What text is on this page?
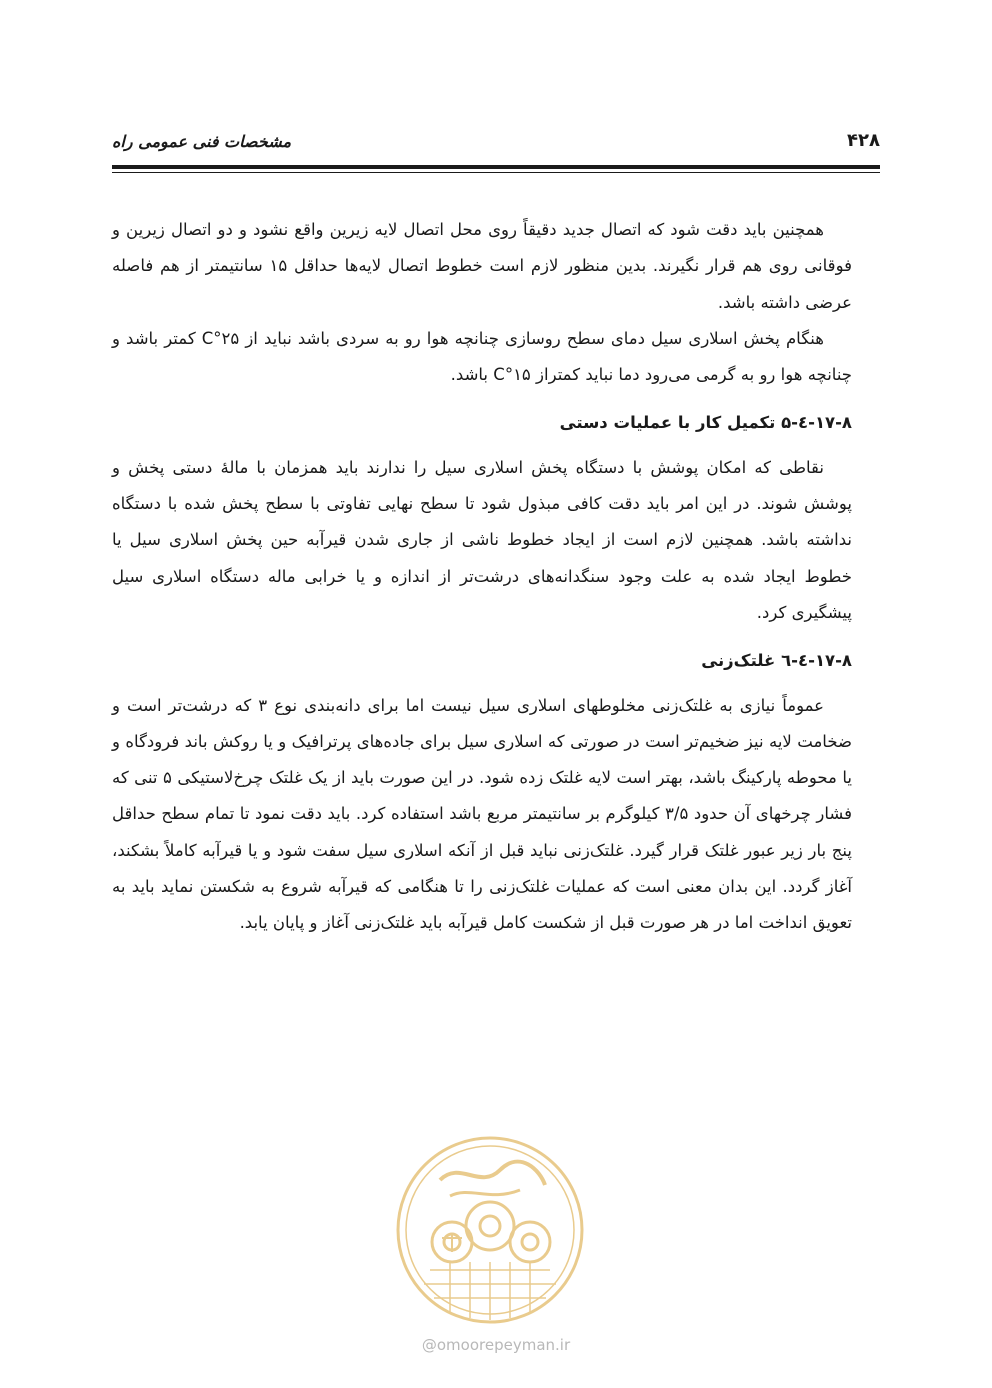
۴۲۸
مشخصات فنی عمومی راه

همچنین باید دقت شود که اتصال جدید دقیقاً روی محل اتصال لایه زیرین واقع نشود و دو اتصال زیرین و فوقانی روی هم قرار نگیرند. بدین منظور لازم است خطوط اتصال لایه‌ها حداقل ۱۵ سانتیمتر از هم فاصله عرضی داشته باشد.

هنگام پخش اسلاری سیل دمای سطح روسازی چنانچه هوا رو به سردی باشد نباید از ۲۵°C کمتر باشد و چنانچه هوا رو به گرمی می‌رود دما نباید کمتراز ۱۵°C باشد.

۱۷-۸-٤-۵ تکمیل کار با عملیات دستی

نقاطی که امکان پوشش با دستگاه پخش اسلاری سیل را ندارند باید همزمان با مالهٔ دستی پخش و پوشش شوند. در این امر باید دقت کافی مبذول شود تا سطح نهایی تفاوتی با سطح پخش شده با دستگاه نداشته باشد. همچنین لازم است از ایجاد خطوط ناشی از جاری شدن قیرآبه حین پخش اسلاری سیل یا خطوط ایجاد شده به علت وجود سنگدانه‌های درشت‌تر از اندازه و یا خرابی ماله دستگاه اسلاری سیل پیشگیری کرد.

۱۷-۸-٤-٦ غلتک‌زنی

عموماً نیازی به غلتک‌زنی مخلوطهای اسلاری سیل نیست اما برای دانه‌بندی نوع ۳ که درشت‌تر است و ضخامت لایه نیز ضخیم‌تر است در صورتی که اسلاری سیل برای جاده‌های پرترافیک و یا روکش باند فرودگاه و یا محوطه پارکینگ باشد، بهتر است لایه غلتک زده شود. در این صورت باید از یک غلتک چرخ‌لاستیکی ۵ تنی که فشار چرخهای آن حدود ۳/۵ کیلوگرم بر سانتیمتر مربع باشد استفاده کرد. باید دقت نمود تا تمام سطح حداقل پنج بار زیر عبور غلتک قرار گیرد. غلتک‌زنی نباید قبل از آنکه اسلاری سیل سفت شود و یا قیرآبه کاملاً بشکند، آغاز گردد. این بدان معنی است که عملیات غلتک‌زنی را تا هنگامی که قیرآبه شروع به شکستن نماید باید به تعویق انداخت اما در هر صورت قبل از شکست کامل قیرآبه باید غلتک‌زنی آغاز و پایان یابد.

@omoorepeyman.ir
